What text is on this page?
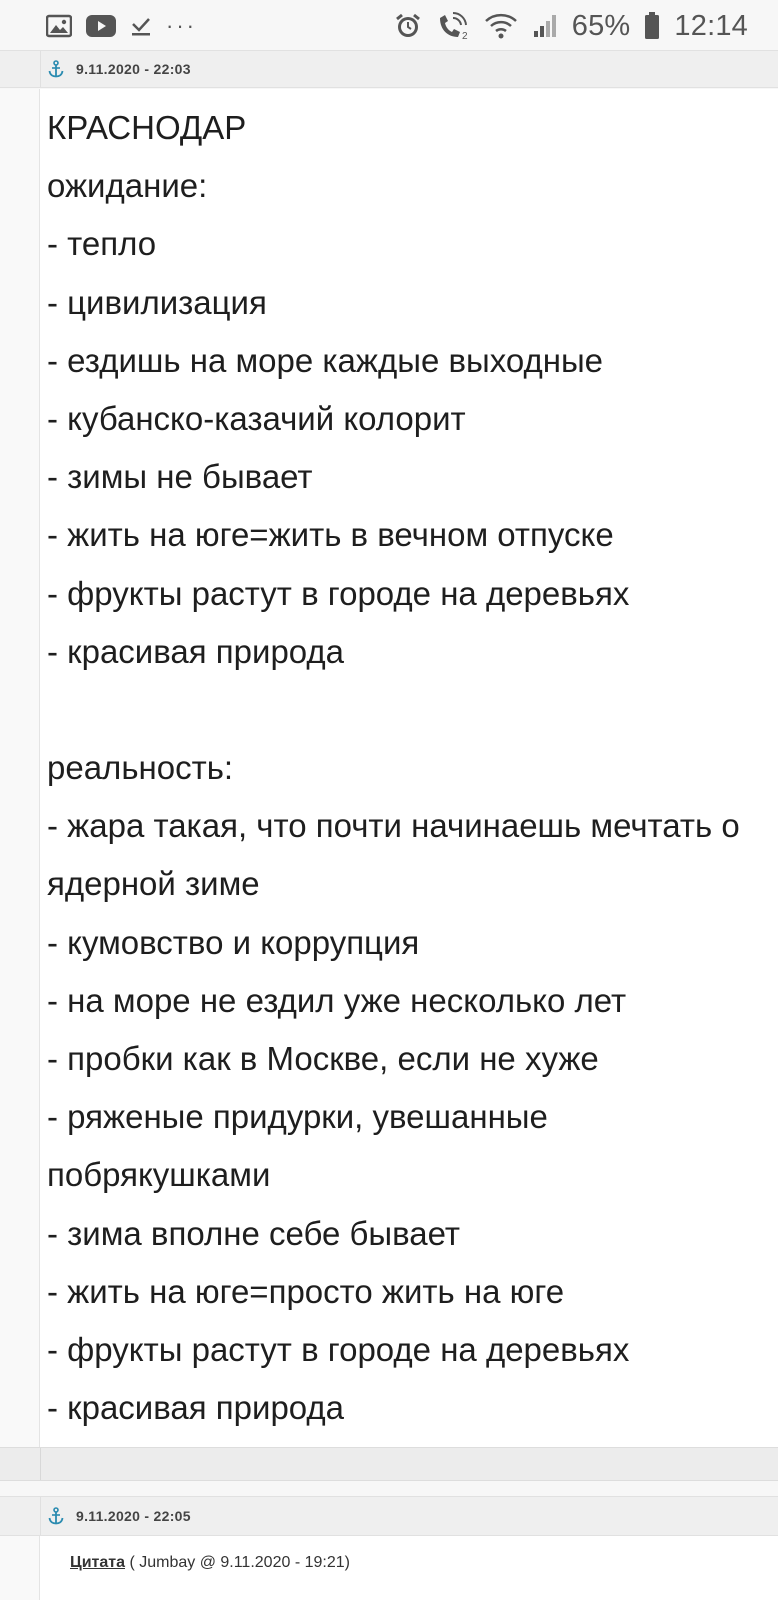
···	2	65% 12:14
9.11.2020 - 22:03
КРАСНОДАР
ожидание:
- тепло
- цивилизация
- ездишь на море каждые выходные
- кубанско-казачий колорит
- зимы не бывает
- жить на юге=жить в вечном отпуске
- фрукты растут в городе на деревьях
- красивая природа

реальность:
- жара такая, что почти начинаешь мечтать о
ядерной зиме
- кумовство и коррупция
- на море не ездил уже несколько лет
- пробки как в Москве, если не хуже
- ряженые придурки, увешанные
побрякушками
- зима вполне себе бывает
- жить на юге=просто жить на юге
- фрукты растут в городе на деревьях
- красивая природа
9.11.2020 - 22:05
Цитата ( Jumbay @ 9.11.2020 - 19:21)
